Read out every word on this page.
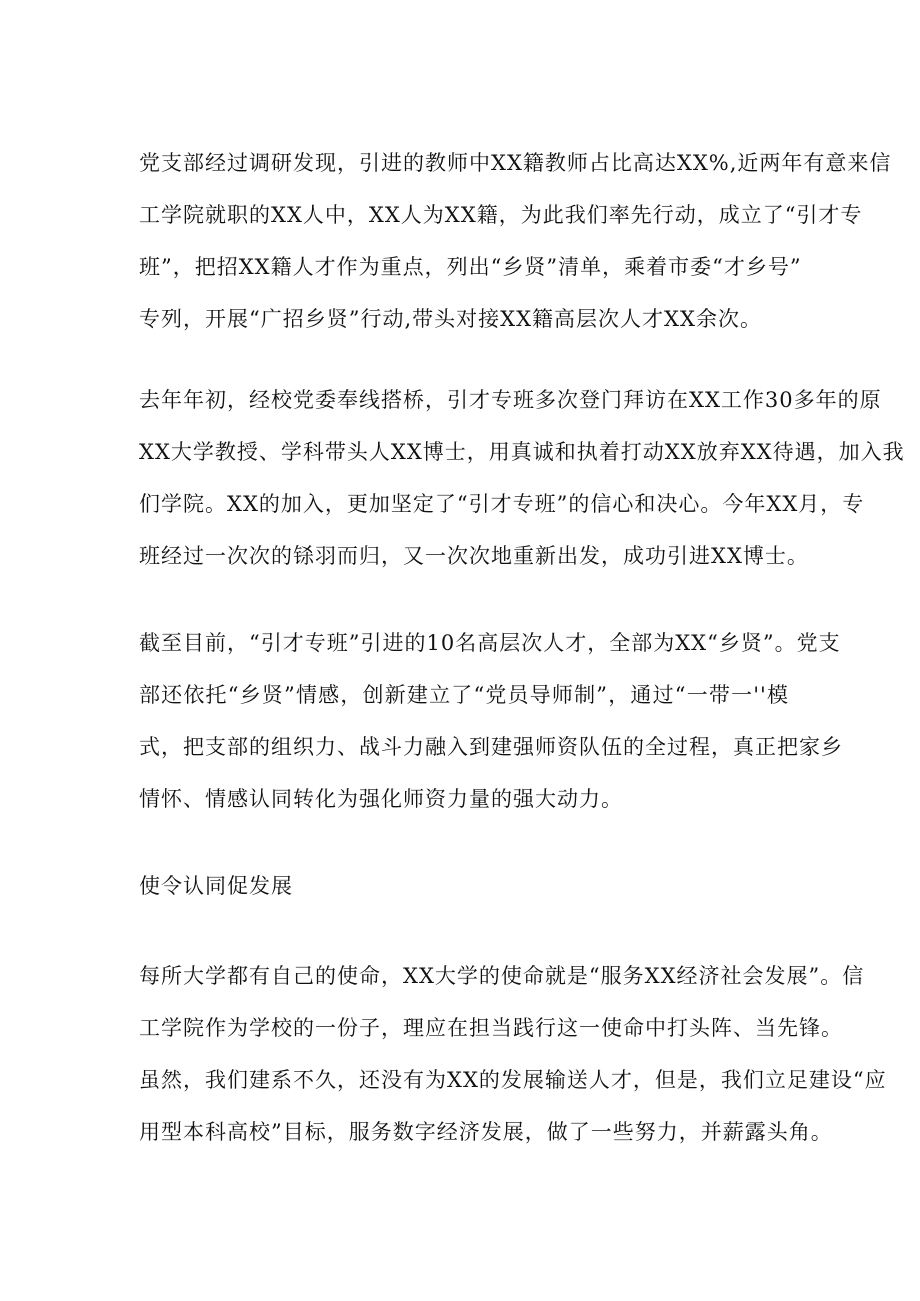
党支部经过调研发现，引进的教师中XX籍教师占比高达XX%,近两年有意来信
工学院就职的XX人中，XX人为XX籍，为此我们率先行动，成立了“引才专
班”，把招XX籍人才作为重点，列出“乡贤”清单，乘着市委“才乡号”
专列，开展“广招乡贤”行动,带头对接XX籍高层次人才XX余次。
去年年初，经校党委奉线搭桥，引才专班多次登门拜访在XX工作30多年的原
XX大学教授、学科带头人XX博士，用真诚和执着打动XX放弃XX待遇，加入我
们学院。XX的加入，更加坚定了“引才专班”的信心和决心。今年XX月，专
班经过一次次的铩羽而归，又一次次地重新出发，成功引进XX博士。
截至目前，“引才专班”引进的10名高层次人才，全部为XX“乡贤”。党支
部还依托“乡贤”情感，创新建立了“党员导师制”，通过“一带一''模
式，把支部的组织力、战斗力融入到建强师资队伍的全过程，真正把家乡
情怀、情感认同转化为强化师资力量的强大动力。

使令认同促发展

每所大学都有自己的使命，XX大学的使命就是“服务XX经济社会发展”。信
工学院作为学校的一份子，理应在担当践行这一使命中打头阵、当先锋。
虽然，我们建系不久，还没有为XX的发展输送人才，但是，我们立足建设“应
用型本科高校”目标，服务数字经济发展，做了一些努力，并薪露头角。
